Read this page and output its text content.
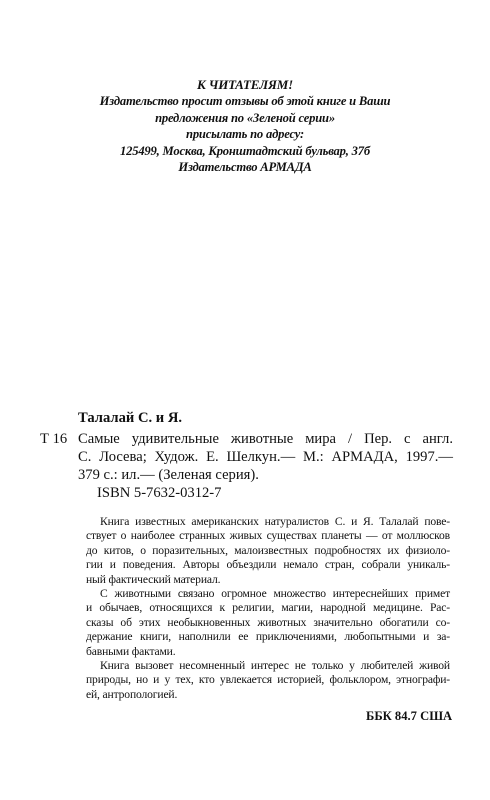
К ЧИТАТЕЛЯМ!
Издательство просит отзывы об этой книге и Ваши
предложения по «Зеленой серии»
присылать по адресу:
125499, Москва, Кронштадтский бульвар, 37б
Издательство АРМАДА
Талалай С. и Я.
Т 16 Самые удивительные животные мира / Пер. с англ.
С. Лосева; Худож. Е. Шелкун.— М.: АРМАДА, 1997.—
379 с.: ил.— (Зеленая серия).
ISBN 5-7632-0312-7
Книга известных американских натуралистов С. и Я. Талалай пове-
ствует о наиболее странных живых существах планеты — от моллюсков
до китов, о поразительных, малоизвестных подробностях их физиоло-
гии и поведения. Авторы объездили немало стран, собрали уникаль-
ный фактический материал.
С животными связано огромное множество интереснейших примет
и обычаев, относящихся к религии, магии, народной медицине. Рас-
сказы об этих необыкновенных животных значительно обогатили со-
держание книги, наполнили ее приключениями, любопытными и за-
бавными фактами.
Книга вызовет несомненный интерес не только у любителей живой
природы, но и у тех, кто увлекается историей, фольклором, этнографи-
ей, антропологией.
ББК 84.7 США
